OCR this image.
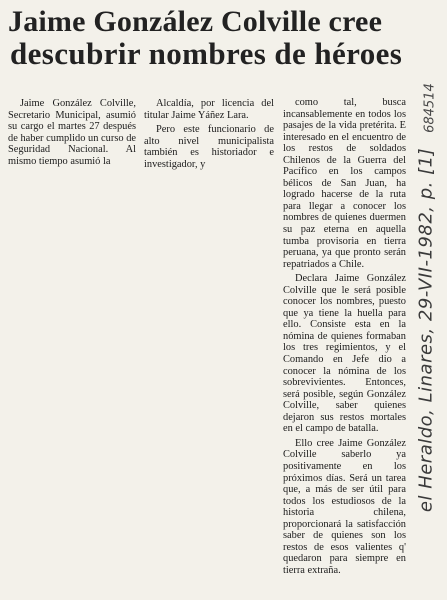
Jaime González Colville cree
descubrir nombres de héroes

Jaime González Colville, Secretario Municipal, asumió su cargo el martes 27 después de haber cumplido un curso de Seguridad Nacional. Al mismo tiempo asumió la

Alcaldía, por licencia del titular Jaime Yáñez Lara.

Pero este funcionario de alto nivel municipalista también es historiador e investigador, y

como tal, busca incansablemente en todos los pasajes de la vida pretérita. E interesado en el encuentro de los restos de soldados Chilenos de la Guerra del Pacífico en los campos bélicos de San Juan, ha logrado hacerse de la ruta para llegar a conocer los nombres de quienes duermen su paz eterna en aquella tumba provisoria en tierra peruana, ya que pronto serán repatriados a Chile.

Declara Jaime González Colville que le será posible conocer los nombres, puesto que ya tiene la huella para ello. Consiste esta en la nómina de quienes formaban los tres regimientos, y el Comando en Jefe dio a conocer la nómina de los sobrevivientes. Entonces, será posible, según González Colville, saber quienes dejaron sus restos mortales en el campo de batalla.

Ello cree Jaime González Colville saberlo ya positivamente en los próximos días. Será un tarea que, a más de ser útil para todos los estudiosos de la historia chilena, proporcionará la satisfacción saber de quienes son los restos de esos valientes q' quedaron para siempre en tierra extraña.

684514
el Heraldo, Linares, 29-VII-1982, p. [1]
